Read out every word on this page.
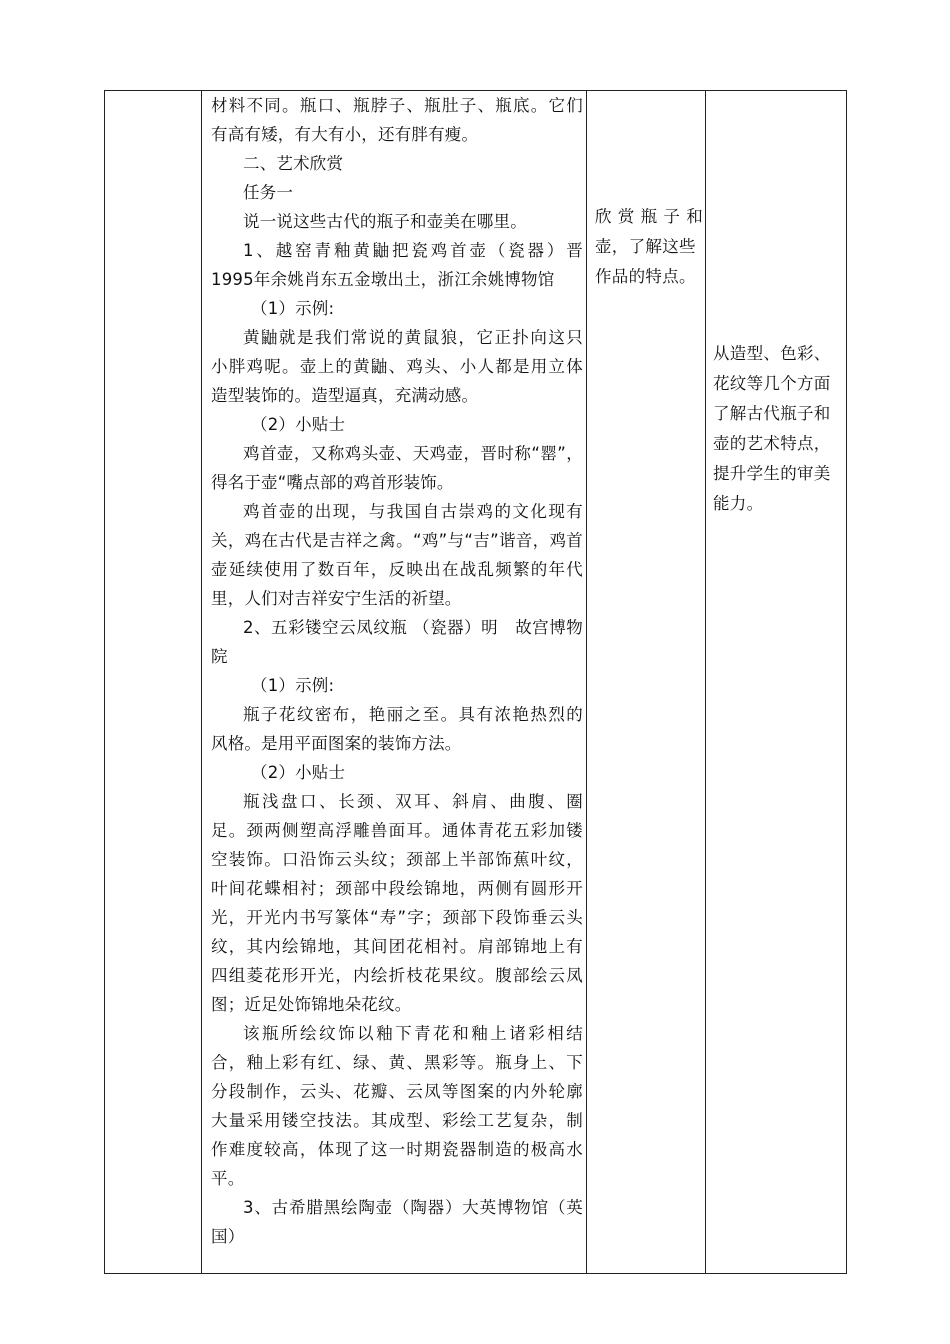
材料不同。瓶口、瓶脖子、瓶肚子、瓶底。它们
有高有矮，有大有小，还有胖有瘦。
二、艺术欣赏
任务一
说一说这些古代的瓶子和壶美在哪里。
1、越窑青釉黄鼬把瓷鸡首壶（瓷器）晋
1995年余姚肖东五金墩出土，浙江余姚博物馆
（1）示例:
黄鼬就是我们常说的黄鼠狼，它正扑向这只
小胖鸡呢。壶上的黄鼬、鸡头、小人都是用立体
造型装饰的。造型逼真，充满动感。
（2）小贴士
鸡首壶，又称鸡头壶、天鸡壶，晋时称“罂”，
得名于壶“嘴点部的鸡首形装饰。
鸡首壶的出现，与我国自古崇鸡的文化现有
关，鸡在古代是吉祥之禽。“鸡”与“吉”谐音，鸡首
壶延续使用了数百年，反映出在战乱频繁的年代
里，人们对吉祥安宁生活的祈望。
2、五彩镂空云凤纹瓶 （瓷器）明　故宫博物
院
（1）示例:
瓶子花纹密布，艳丽之至。具有浓艳热烈的
风格。是用平面图案的装饰方法。
（2）小贴士
瓶浅盘口、长颈、双耳、斜肩、曲腹、圈
足。颈两侧塑高浮雕兽面耳。通体青花五彩加镂
空装饰。口沿饰云头纹；颈部上半部饰蕉叶纹，
叶间花蝶相衬；颈部中段绘锦地，两侧有圆形开
光，开光内书写篆体“寿”字；颈部下段饰垂云头
纹，其内绘锦地，其间团花相衬。肩部锦地上有
四组菱花形开光，内绘折枝花果纹。腹部绘云凤
图；近足处饰锦地朵花纹。
该瓶所绘纹饰以釉下青花和釉上诸彩相结
合，釉上彩有红、绿、黄、黑彩等。瓶身上、下
分段制作，云头、花瓣、云凤等图案的内外轮廓
大量采用镂空技法。其成型、彩绘工艺复杂，制
作难度较高，体现了这一时期瓷器制造的极高水
平。
3、古希腊黑绘陶壶（陶器）大英博物馆（英
国）
欣赏瓶子和
壶，了解这些
作品的特点。
从造型、色彩、
花纹等几个方面
了解古代瓶子和
壶的艺术特点，
提升学生的审美
能力。
